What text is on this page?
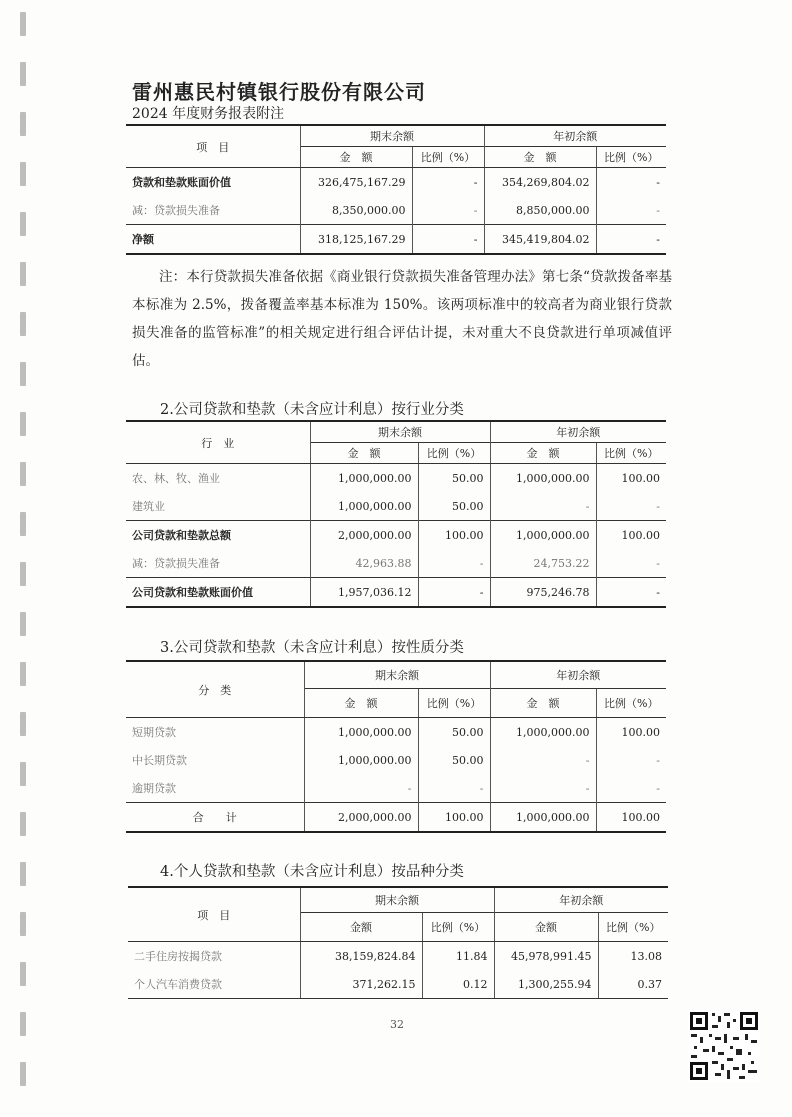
雷州惠民村镇银行股份有限公司
2024 年度财务报表附注
项　目	期末余额		年初余额	
	金　额	比例（%）	金　额	比例（%）
贷款和垫款账面价值	326,475,167.29	-	354,269,804.02	-
减：贷款损失准备	8,350,000.00	-	8,850,000.00	-
净额	318,125,167.29	-	345,419,804.02	-
注：本行贷款损失准备依据《商业银行贷款损失准备管理办法》第七条“贷款拨备率基本标准为 2.5%，拨备覆盖率基本标准为 150%。该两项标准中的较高者为商业银行贷款损失准备的监管标准”的相关规定进行组合评估计提，未对重大不良贷款进行单项减值评估。
2.公司贷款和垫款（未含应计利息）按行业分类
行　业	期末余额		年初余额	
	金　额	比例（%）	金　额	比例（%）
农、林、牧、渔业	1,000,000.00	50.00	1,000,000.00	100.00
建筑业	1,000,000.00	50.00	-	-
公司贷款和垫款总额	2,000,000.00	100.00	1,000,000.00	100.00
减：贷款损失准备	42,963.88	-	24,753.22	-
公司贷款和垫款账面价值	1,957,036.12	-	975,246.78	-
3.公司贷款和垫款（未含应计利息）按性质分类
分　类	期末余额		年初余额	
	金　额	比例（%）	金　额	比例（%）
短期贷款	1,000,000.00	50.00	1,000,000.00	100.00
中长期贷款	1,000,000.00	50.00	-	-
逾期贷款	-	-	-	-
合　　计	2,000,000.00	100.00	1,000,000.00	100.00
4.个人贷款和垫款（未含应计利息）按品种分类
项　目	期末余额		年初余额	
	金额	比例（%）	金额	比例（%）
二手住房按揭贷款	38,159,824.84	11.84	45,978,991.45	13.08
个人汽车消费贷款	371,262.15	0.12	1,300,255.94	0.37
32
